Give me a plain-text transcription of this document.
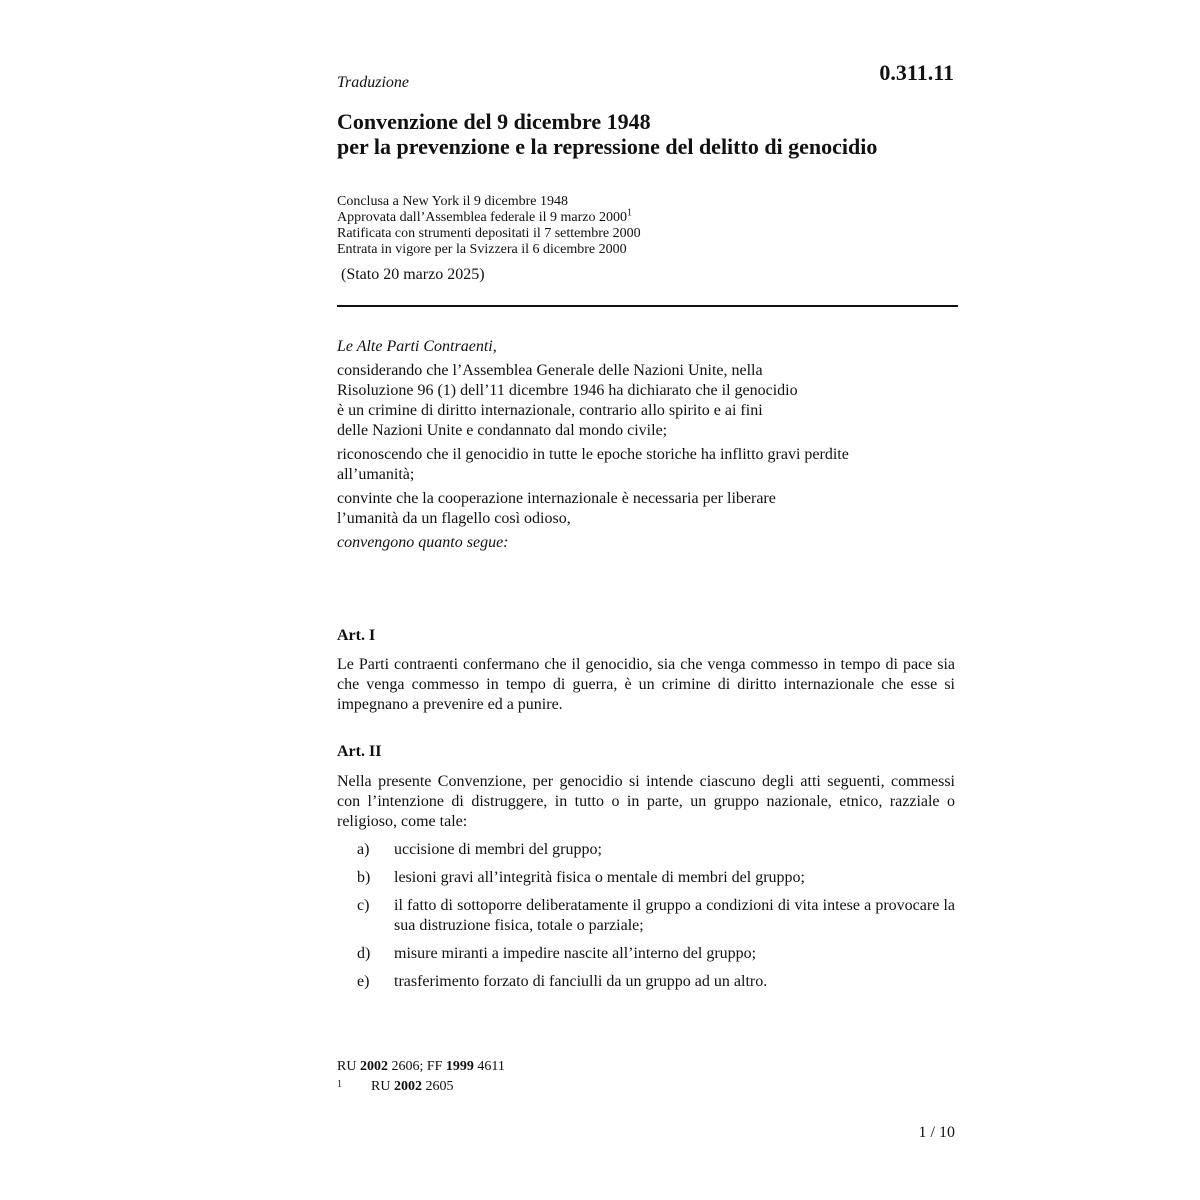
0.311.11
Traduzione
Convenzione del 9 dicembre 1948
per la prevenzione e la repressione del delitto di genocidio
Conclusa a New York il 9 dicembre 1948
Approvata dall’Assemblea federale il 9 marzo 2000$^1$
Ratificata con strumenti depositati il 7 settembre 2000
Entrata in vigore per la Svizzera il 6 dicembre 2000
(Stato 20 marzo 2025)

Le Alte Parti Contraenti,

considerando che l’Assemblea Generale delle Nazioni Unite, nella
Risoluzione 96 (1) dell’11 dicembre 1946 ha dichiarato che il genocidio
è un crimine di diritto internazionale, contrario allo spirito e ai fini
delle Nazioni Unite e condannato dal mondo civile;

riconoscendo che il genocidio in tutte le epoche storiche ha inflitto gravi perdite
all’umanità;

convinte che la cooperazione internazionale è necessaria per liberare
l’umanità da un flagello così odioso,

convengono quanto segue:

Art. I
Le Parti contraenti confermano che il genocidio, sia che venga commesso in tempo di pace sia che venga commesso in tempo di guerra, è un crimine di diritto internazionale che esse si impegnano a prevenire ed a punire.
Art. II
Nella presente Convenzione, per genocidio si intende ciascuno degli atti seguenti, commessi con l’intenzione di distruggere, in tutto o in parte, un gruppo nazionale, etnico, razziale o religioso, come tale:
a)	uccisione di membri del gruppo;
b)	lesioni gravi all’integrità fisica o mentale di membri del gruppo;
c)	il fatto di sottoporre deliberatamente il gruppo a condizioni di vita intese a provocare la sua distruzione fisica, totale o parziale;
d)	misure miranti a impedire nascite all’interno del gruppo;
e)	trasferimento forzato di fanciulli da un gruppo ad un altro.
RU 2002 2606; FF 1999 4611
1 RU 2002 2605
1 / 10
